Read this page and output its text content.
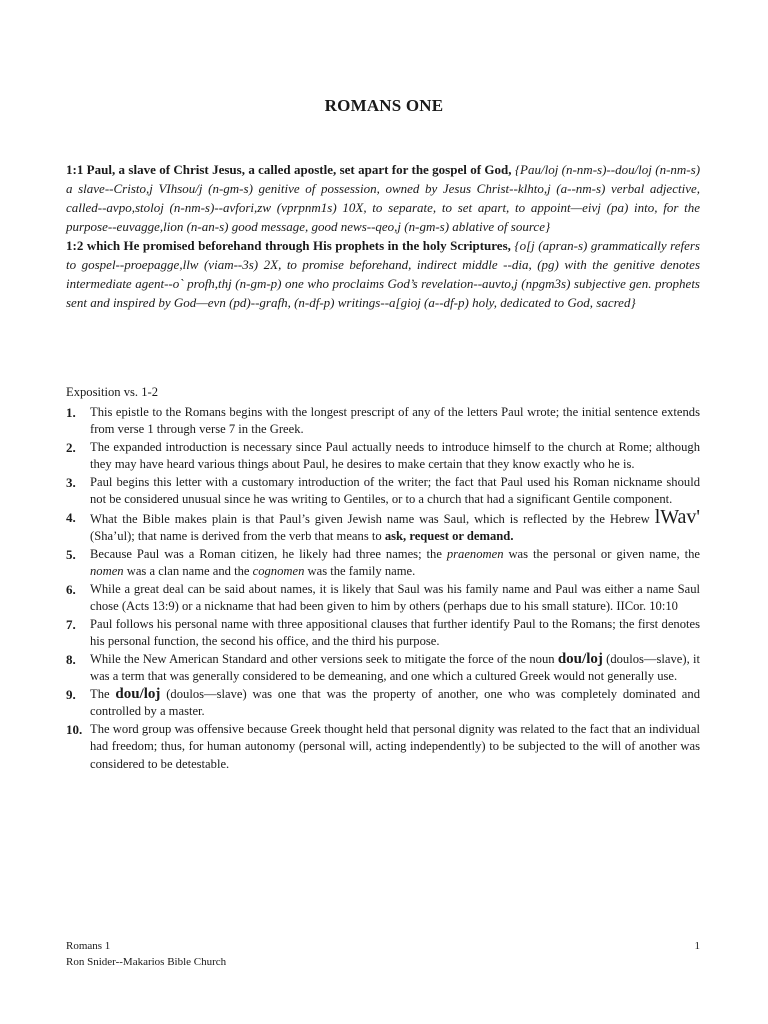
ROMANS ONE

1:1 Paul, a slave of Christ Jesus, a called apostle, set apart for the gospel of God, {Pau/loj (n-nm-s)--dou/loj (n-nm-s) a slave--Cristo,j VIhsou/j (n-gm-s) genitive of possession, owned by Jesus Christ--klhto,j (a--nm-s) verbal adjective, called--avpo,stoloj (n-nm-s)--avfori,zw (vprpnm1s) 10X, to separate, to set apart, to appoint—eivj (pa) into, for the purpose--euvagge,lion (n-an-s) good message, good news--qeo,j (n-gm-s) ablative of source}

1:2 which He promised beforehand through His prophets in the holy Scriptures, {o[j (apran-s) grammatically refers to gospel--proepagge,llw (viam--3s) 2X, to promise beforehand, indirect middle --dia, (pg) with the genitive denotes intermediate agent--o` profh,thj (n-gm-p) one who proclaims God’s revelation--auvto,j (npgm3s) subjective gen. prophets sent and inspired by God—evn (pd)--grafh, (n-df-p) writings--a[gioj (a--df-p) holy, dedicated to God, sacred}

Exposition vs. 1-2

1.	This epistle to the Romans begins with the longest prescript of any of the letters Paul wrote; the initial sentence extends from verse 1 through verse 7 in the Greek.
2.	The expanded introduction is necessary since Paul actually needs to introduce himself to the church at Rome; although they may have heard various things about Paul, he desires to make certain that they know exactly who he is.
3.	Paul begins this letter with a customary introduction of the writer; the fact that Paul used his Roman nickname should not be considered unusual since he was writing to Gentiles, or to a church that had a significant Gentile component.
4.	What the Bible makes plain is that Paul’s given Jewish name was Saul, which is reflected by the Hebrew lWav' (Sha’ul); that name is derived from the verb that means to ask, request or demand.
5.	Because Paul was a Roman citizen, he likely had three names; the praenomen was the personal or given name, the nomen was a clan name and the cognomen was the family name.
6.	While a great deal can be said about names, it is likely that Saul was his family name and Paul was either a name Saul chose (Acts 13:9) or a nickname that had been given to him by others (perhaps due to his small stature). IICor. 10:10
7.	Paul follows his personal name with three appositional clauses that further identify Paul to the Romans; the first denotes his personal function, the second his office, and the third his purpose.
8.	While the New American Standard and other versions seek to mitigate the force of the noun dou/loj (doulos—slave), it was a term that was generally considered to be demeaning, and one which a cultured Greek would not generally use.
9.	The dou/loj (doulos—slave) was one that was the property of another, one who was completely dominated and controlled by a master.
10. The word group was offensive because Greek thought held that personal dignity was related to the fact that an individual had freedom; thus, for human autonomy (personal will, acting independently) to be subjected to the will of another was considered to be detestable.
Romans 1	1
Ron Snider--Makarios Bible Church
